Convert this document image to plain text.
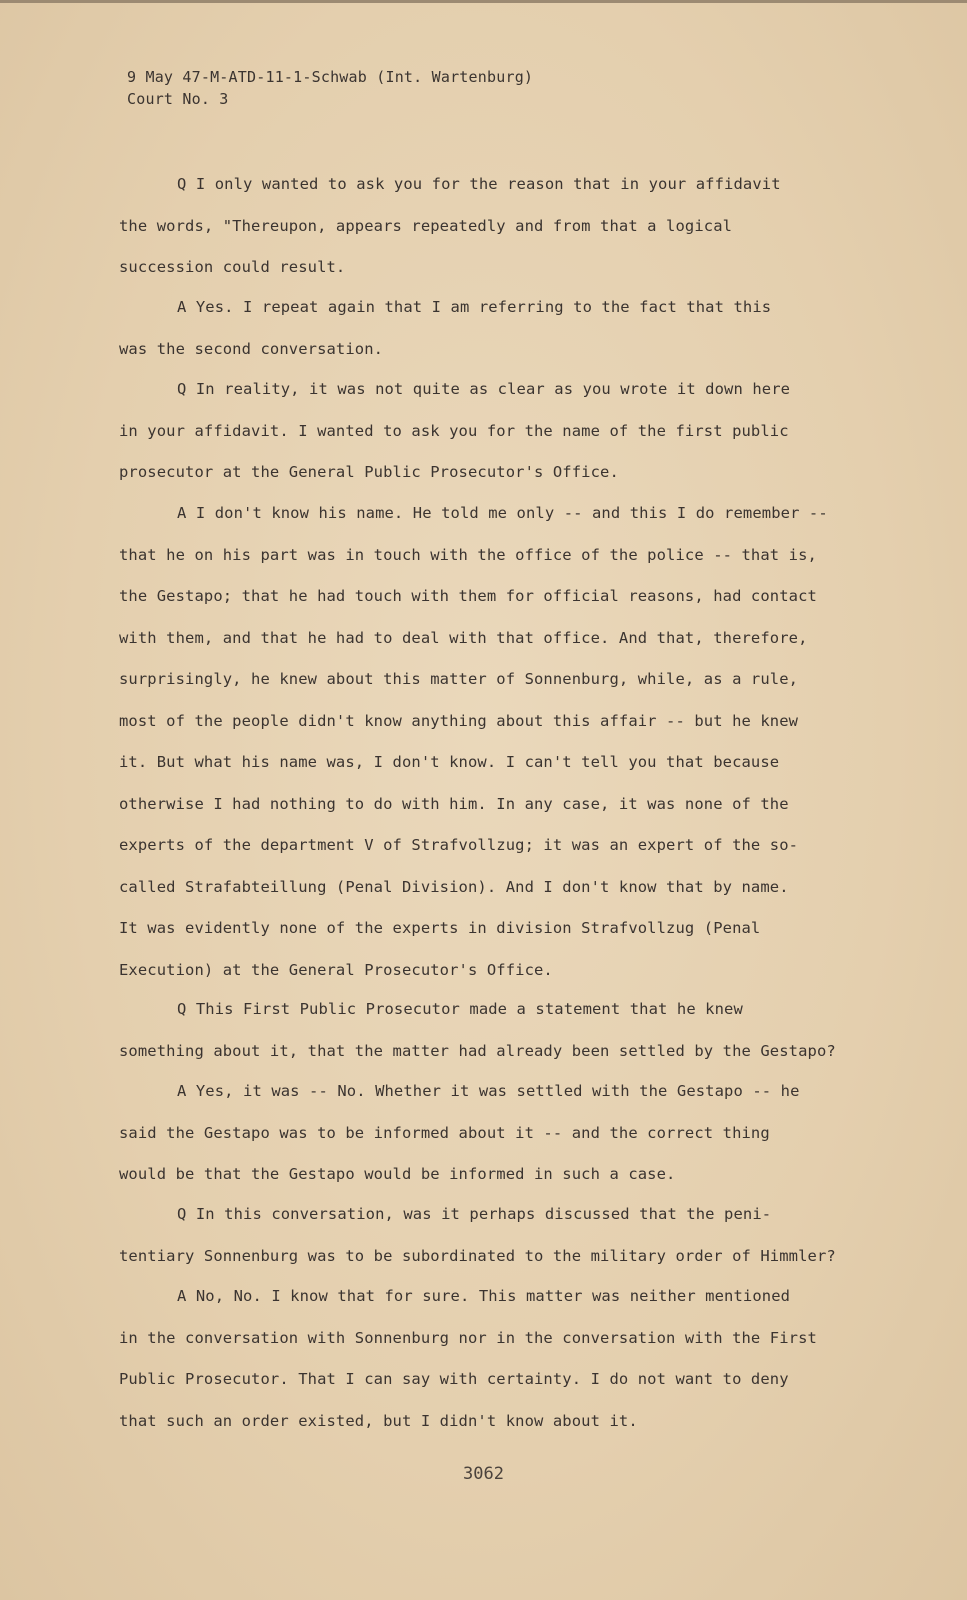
9 May 47-M-ATD-11-1-Schwab (Int. Wartenburg)
Court No. 3
Q I only wanted to ask you for the reason that in your affidavit
the words, "Thereupon, appears repeatedly and from that a logical
succession could result.
A Yes. I repeat again that I am referring to the fact that this
was the second conversation.
Q In reality, it was not quite as clear as you wrote it down here
in your affidavit. I wanted to ask you for the name of the first public
prosecutor at the General Public Prosecutor's Office.
A I don't know his name. He told me only -- and this I do remember --
that he on his part was in touch with the office of the police -- that is,
the Gestapo; that he had touch with them for official reasons, had contact
with them, and that he had to deal with that office. And that, therefore,
surprisingly, he knew about this matter of Sonnenburg, while, as a rule,
most of the people didn't know anything about this affair -- but he knew
it. But what his name was, I don't know. I can't tell you that because
otherwise I had nothing to do with him. In any case, it was none of the
experts of the department V of Strafvollzug; it was an expert of the so-
called Strafabteillung (Penal Division). And I don't know that by name.
It was evidently none of the experts in division Strafvollzug (Penal
Execution) at the General Prosecutor's Office.
Q This First Public Prosecutor made a statement that he knew
something about it, that the matter had already been settled by the Gestapo?
A Yes, it was -- No. Whether it was settled with the Gestapo -- he
said the Gestapo was to be informed about it -- and the correct thing
would be that the Gestapo would be informed in such a case.
Q In this conversation, was it perhaps discussed that the peni-
tentiary Sonnenburg was to be subordinated to the military order of Himmler?
A No, No. I know that for sure. This matter was neither mentioned
in the conversation with Sonnenburg nor in the conversation with the First
Public Prosecutor. That I can say with certainty. I do not want to deny
that such an order existed, but I didn't know about it.
3062
